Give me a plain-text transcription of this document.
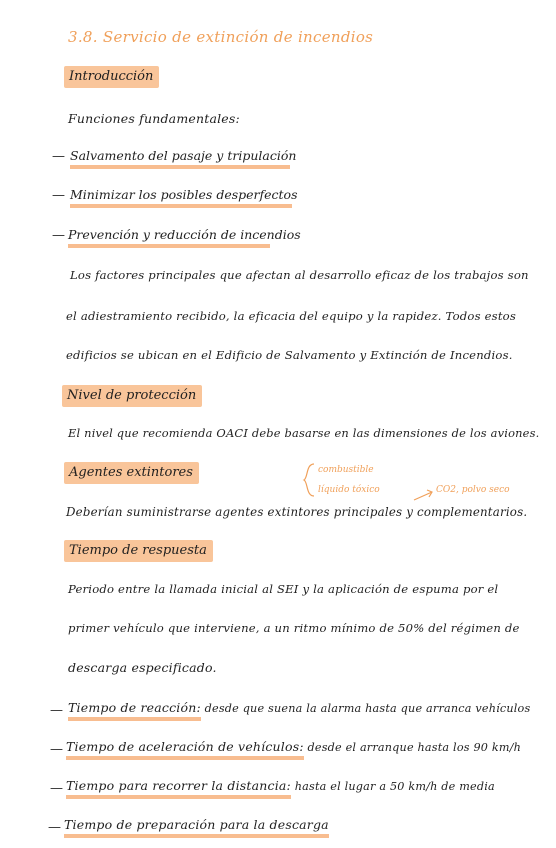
3.8. Servicio de extinción de incendios
Introducción
Funciones fundamentales:
— Salvamento del pasaje y tripulación
— Minimizar los posibles desperfectos
— Prevención y reducción de incendios
Los factores principales que afectan al desarrollo eficaz de los trabajos son
el adiestramiento recibido, la eficacia del equipo y la rapidez. Todos estos
edificios se ubican en el Edificio de Salvamento y Extinción de Incendios.
Nivel de protección
El nivel que recomienda OACI debe basarse en las dimensiones de los aviones.
Agentes extintores	combustible
líquido tóxico	CO2, polvo seco
Deberían suministrarse agentes extintores principales y complementarios.
Tiempo de respuesta
Periodo entre la llamada inicial al SEI y la aplicación de espuma por el
primer vehículo que interviene, a un ritmo mínimo de 50% del régimen de
descarga especificado.
— Tiempo de reacción: desde que suena la alarma hasta que arranca vehículos
— Tiempo de aceleración de vehículos: desde el arranque hasta los 90 km/h
— Tiempo para recorrer la distancia: hasta el lugar a 50 km/h de media
— Tiempo de preparación para la descarga
